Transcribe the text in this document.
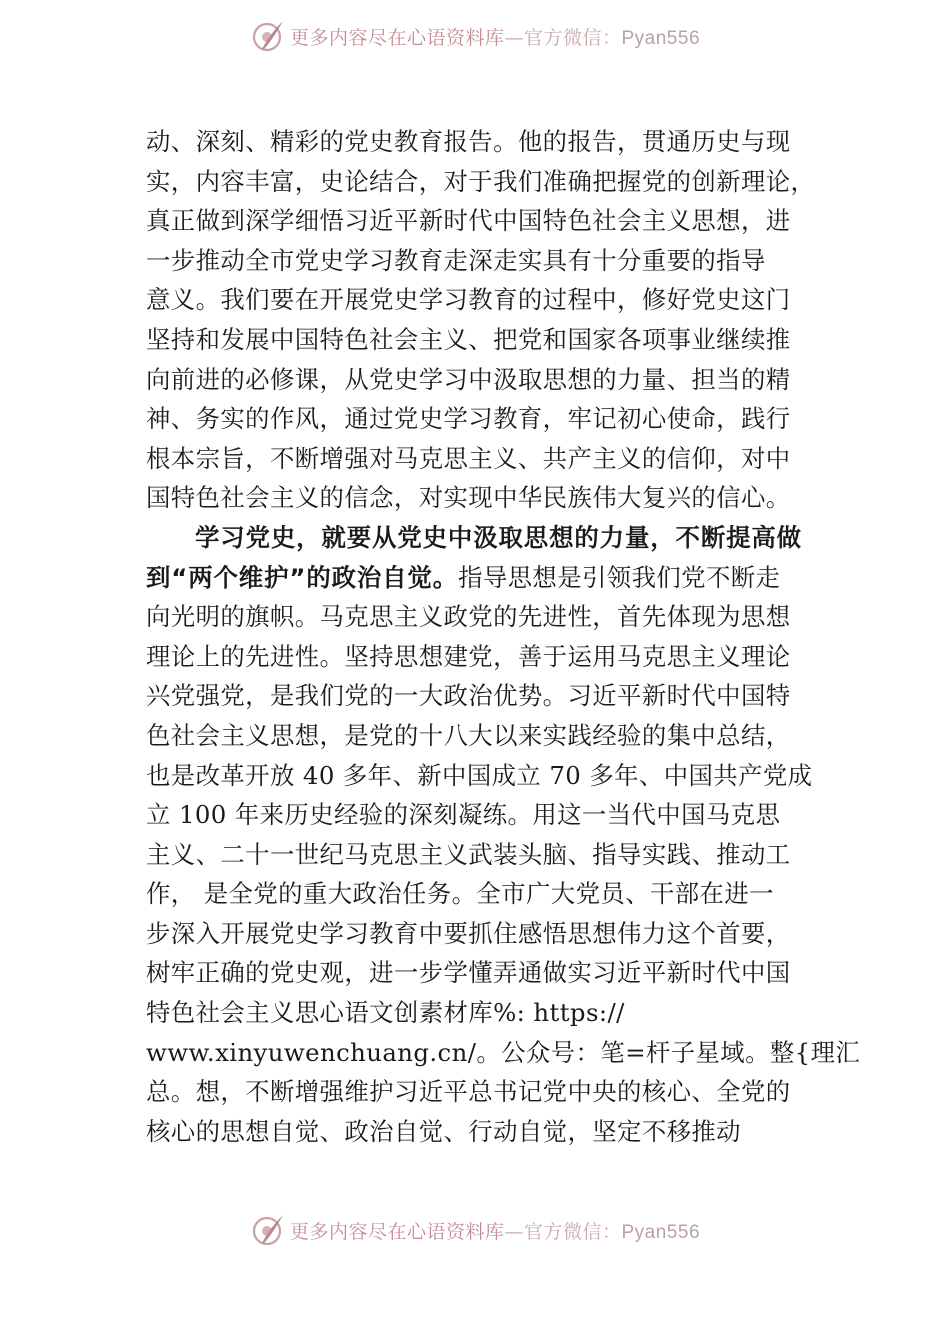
更多内容尽在心语资料库—官方微信：Pyan556
动、深刻、精彩的党史教育报告。他的报告，贯通历史与现
实，内容丰富，史论结合，对于我们准确把握党的创新理论，
真正做到深学细悟习近平新时代中国特色社会主义思想，进
一步推动全市党史学习教育走深走实具有十分重要的指导
意义。我们要在开展党史学习教育的过程中，修好党史这门
坚持和发展中国特色社会主义、把党和国家各项事业继续推
向前进的必修课，从党史学习中汲取思想的力量、担当的精
神、务实的作风，通过党史学习教育，牢记初心使命，践行
根本宗旨，不断增强对马克思主义、共产主义的信仰，对中
国特色社会主义的信念，对实现中华民族伟大复兴的信心。
学习党史，就要从党史中汲取思想的力量，不断提高做
到“两个维护”的政治自觉。指导思想是引领我们党不断走
向光明的旗帜。马克思主义政党的先进性，首先体现为思想
理论上的先进性。坚持思想建党，善于运用马克思主义理论
兴党强党，是我们党的一大政治优势。习近平新时代中国特
色社会主义思想，是党的十八大以来实践经验的集中总结，
也是改革开放 40 多年、新中国成立 70 多年、中国共产党成
立 100 年来历史经验的深刻凝练。用这一当代中国马克思
主义、二十一世纪马克思主义武装头脑、指导实践、推动工
作， 是全党的重大政治任务。全市广大党员、干部在进一
步深入开展党史学习教育中要抓住感悟思想伟力这个首要，
树牢正确的党史观，进一步学懂弄通做实习近平新时代中国
特色社会主义思心语文创素材库%: https://
www.xinyuwenchuang.cn/。公众号：笔=杆子星域。整{理汇
总。想，不断增强维护习近平总书记党中央的核心、全党的
核心的思想自觉、政治自觉、行动自觉，坚定不移推动
更多内容尽在心语资料库—官方微信：Pyan556
